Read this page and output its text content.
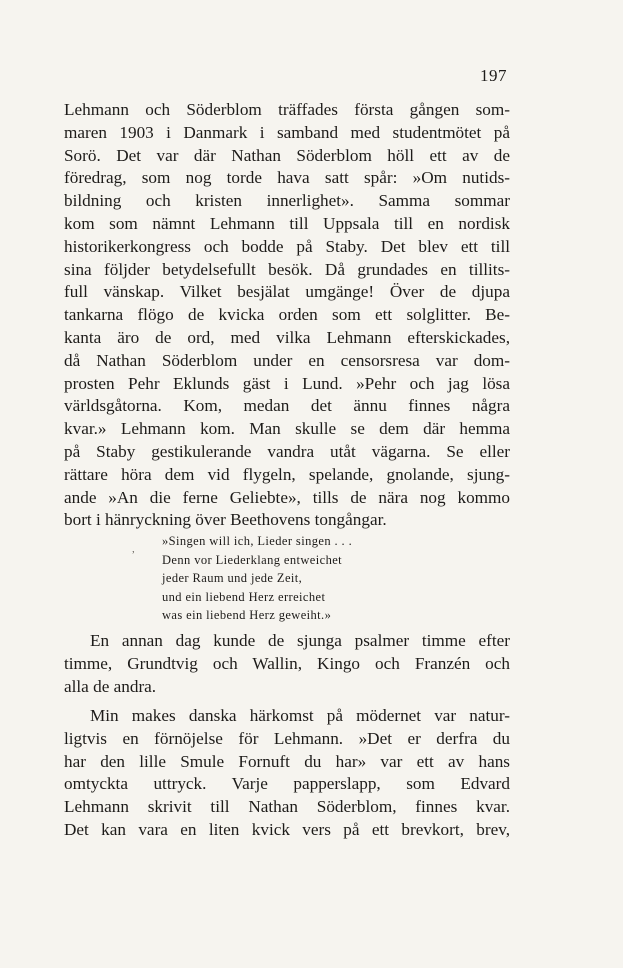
197
Lehmann och Söderblom träffades första gången som-
maren 1903 i Danmark i samband med studentmötet på
Sorö. Det var där Nathan Söderblom höll ett av de
föredrag, som nog torde hava satt spår: »Om nutids-
bildning och kristen innerlighet». Samma sommar
kom som nämnt Lehmann till Uppsala till en nordisk
historikerkongress och bodde på Staby. Det blev ett till
sina följder betydelsefullt besök. Då grundades en tillits-
full vänskap. Vilket besjälat umgänge! Över de djupa
tankarna flögo de kvicka orden som ett solglitter. Be-
kanta äro de ord, med vilka Lehmann efterskickades,
då Nathan Söderblom under en censorsresa var dom-
prosten Pehr Eklunds gäst i Lund. »Pehr och jag lösa
världsgåtorna. Kom, medan det ännu finnes några
kvar.» Lehmann kom. Man skulle se dem där hemma
på Staby gestikulerande vandra utåt vägarna. Se eller
rättare höra dem vid flygeln, spelande, gnolande, sjung-
ande »An die ferne Geliebte», tills de nära nog kommo
bort i hänryckning över Beethovens tongångar.
,
»Singen will ich, Lieder singen . . .
Denn vor Liederklang entweichet
jeder Raum und jede Zeit,
und ein liebend Herz erreichet
was ein liebend Herz geweiht.»
En annan dag kunde de sjunga psalmer timme efter
timme, Grundtvig och Wallin, Kingo och Franzén och
alla de andra.
Min makes danska härkomst på mödernet var natur-
ligtvis en förnöjelse för Lehmann. »Det er derfra du
har den lille Smule Fornuft du har» var ett av hans
omtyckta uttryck. Varje papperslapp, som Edvard
Lehmann skrivit till Nathan Söderblom, finnes kvar.
Det kan vara en liten kvick vers på ett brevkort, brev,
